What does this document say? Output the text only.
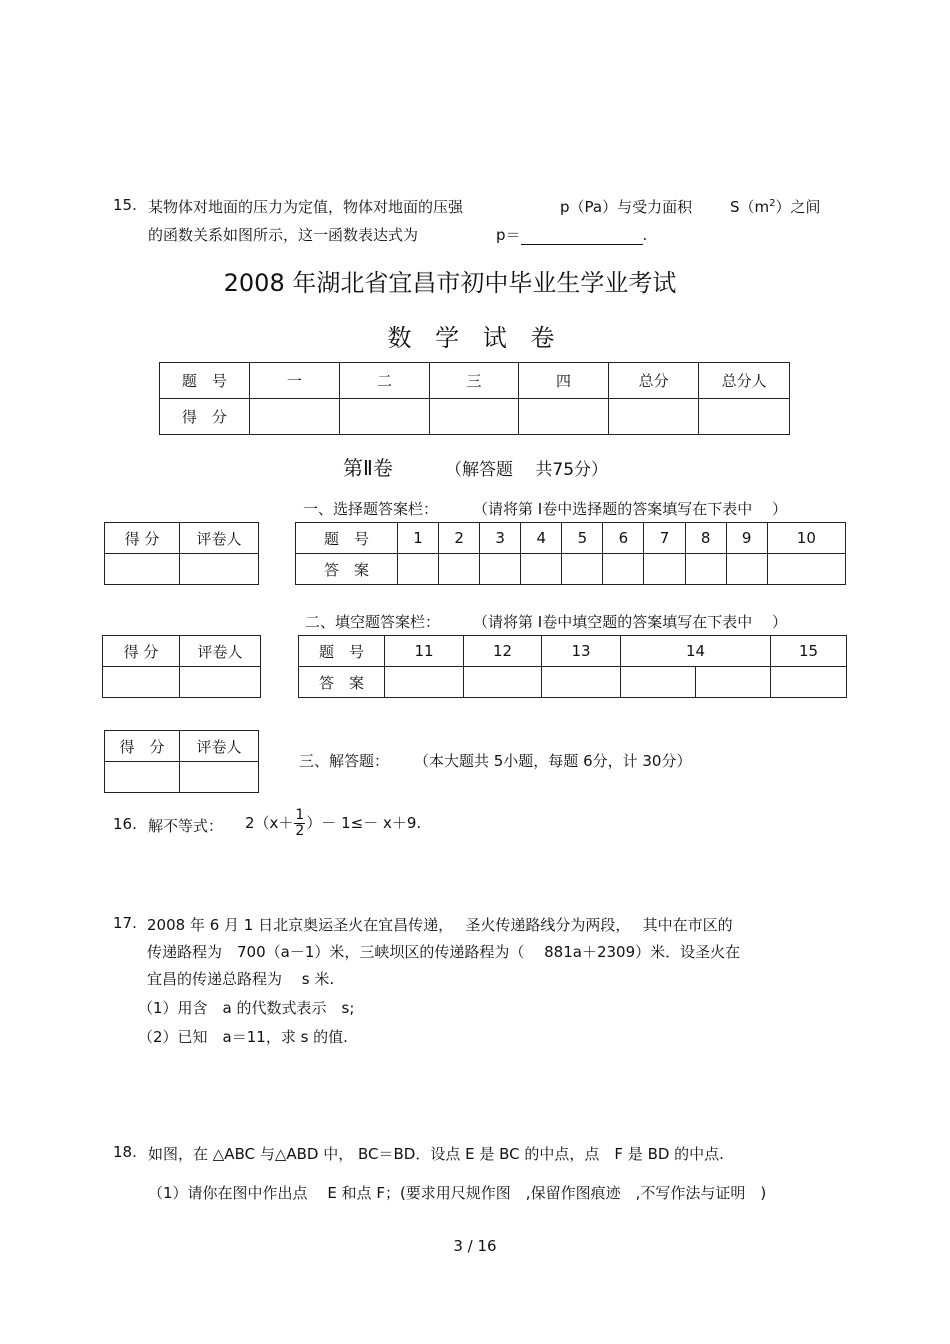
15. 某物体对地面的压力为定值，物体对地面的压强	p（Pa）与受力面积	$S(m^2)$之间
的函数关系如图所示，这一函数表达式为	p＝	.
2008 年湖北省宜昌市初中毕业生学业考试
数 学 试 卷
题　号	一	二	三	四	总分	总分人
得　分						
第Ⅱ卷	（解答题　 共75分）
一、选择题答案栏： （请将第 Ⅰ卷中选择题的答案填写在下表中　 ）
得 分	评卷人
		题　号	1	2	3	4	5	6	7	8	9	10
答　案										
二、填空题答案栏： （请将第 Ⅰ卷中填空题的答案填写在下表中　 ）
得 分	评卷人
		题　号	11	12	13	14		15
答　案						
得　分	评卷人

三、解答题： （本大题共 5小题，每题 6分，计 30分）
16. 解不等式： $2(x+ \frac{1}{2}$ ）－ 1≤－ x＋9.
17. 2008 年 6 月 1 日北京奥运圣火在宜昌传递，　 圣火传递路线分为两段，　 其中在市区的
传递路程为　700（a－1）米，三峡坝区的传递路程为（　 881a＋2309）米．设圣火在
宜昌的传递总路程为　 s 米.
（1）用含　a 的代数式表示　s;
（2）已知　a＝11，求 s 的值.
18. 如图，在 △ABC 与△ABD 中， BC＝BD．设点 E 是 BC 的中点，点　F 是 BD 的中点.
（1）请你在图中作出点　 E 和点 F；(要求用尺规作图　,保留作图痕迹　,不写作法与证明　)
3 / 16
